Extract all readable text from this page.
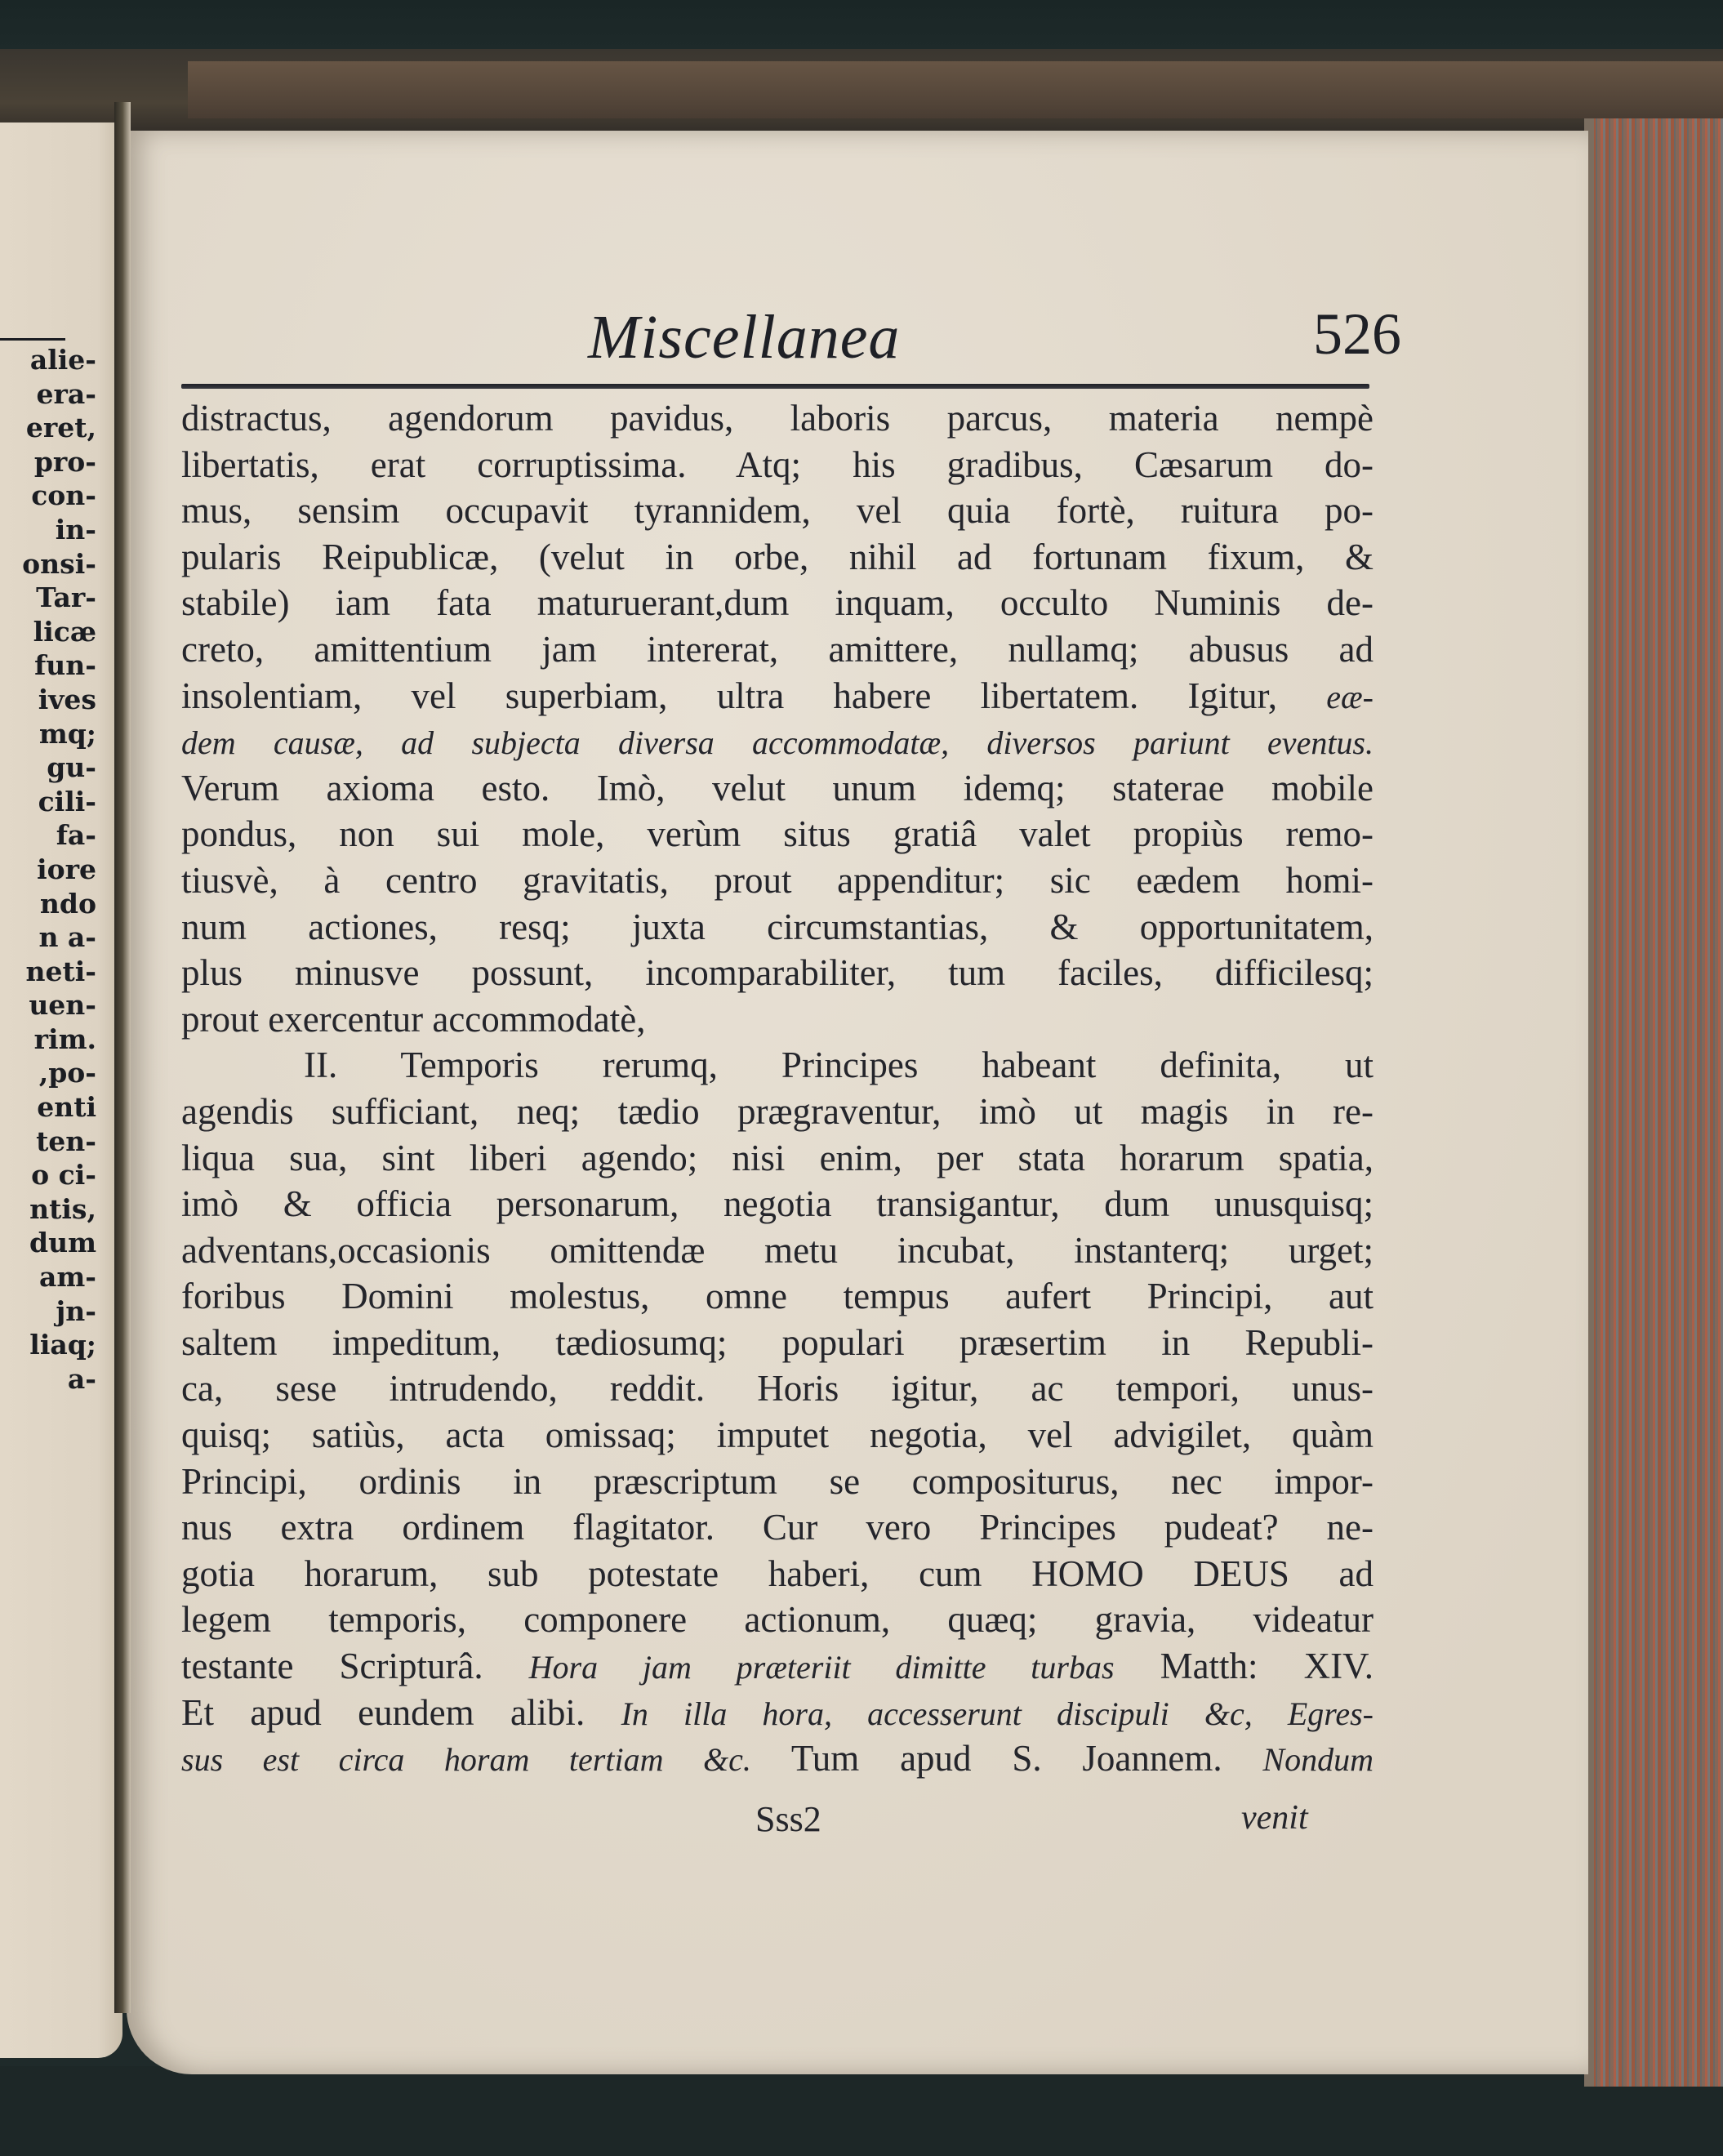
alie-
era-
eret,
pro-
con-
in-
onsi-
Tar-
licæ
fun-
ives
mq;
gu-
cili-
fa-
iore
ndo
n a-
neti-
uen-
rim.
,po-
enti
ten-
o ci-
ntis,
dum
am-
jn-
liaq;
a-
Miscellanea	526
distractus, agendorum pavidus, laboris parcus, materia nempè
libertatis, erat corruptissima. Atq; his gradibus, Cæsarum do-
mus, sensim occupavit tyrannidem, vel quia fortè, ruitura po-
pularis Reipublicæ, (velut in orbe, nihil ad fortunam fixum, &
stabile) iam fata maturuerant,dum inquam, occulto Numinis de-
creto, amittentium jam intererat, amittere, nullamq; abusus ad
insolentiam, vel superbiam, ultra habere libertatem. Igitur, eæ-
dem causæ, ad subjecta diversa accommodatæ, diversos pariunt eventus.
Verum axioma esto. Imò, velut unum idemq; staterae mobile
pondus, non sui mole, verùm situs gratiâ valet propiùs remo-
tiusvè, à centro gravitatis, prout appenditur; sic eædem homi-
num actiones, resq; juxta circumstantias, & opportunitatem,
plus minusve possunt, incomparabiliter, tum faciles, difficilesq;
prout exercentur accommodatè,
II. Temporis rerumq, Principes habeant definita, ut
agendis sufficiant, neq; tædio prægraventur, imò ut magis in re-
liqua sua, sint liberi agendo; nisi enim, per stata horarum spatia,
imò & officia personarum, negotia transigantur, dum unusquisq;
adventans,occasionis omittendæ metu incubat, instanterq; urget;
foribus Domini molestus, omne tempus aufert Principi, aut
saltem impeditum, tædiosumq; populari præsertim in Republi-
ca, sese intrudendo, reddit. Horis igitur, ac tempori, unus-
quisq; satiùs, acta omissaq; imputet negotia, vel advigilet, quàm
Principi, ordinis in præscriptum se compositurus, nec impor-
nus extra ordinem flagitator. Cur vero Principes pudeat? ne-
gotia horarum, sub potestate haberi, cum HOMO DEUS ad
legem temporis, componere actionum, quæq; gravia, videatur
testante Scripturâ. Hora jam præteriit dimitte turbas Matth: XIV.
Et apud eundem alibi. In illa hora, accesserunt discipuli &c, Egres-
sus est circa horam tertiam &c. Tum apud S. Joannem. Nondum
Sss2	venit
